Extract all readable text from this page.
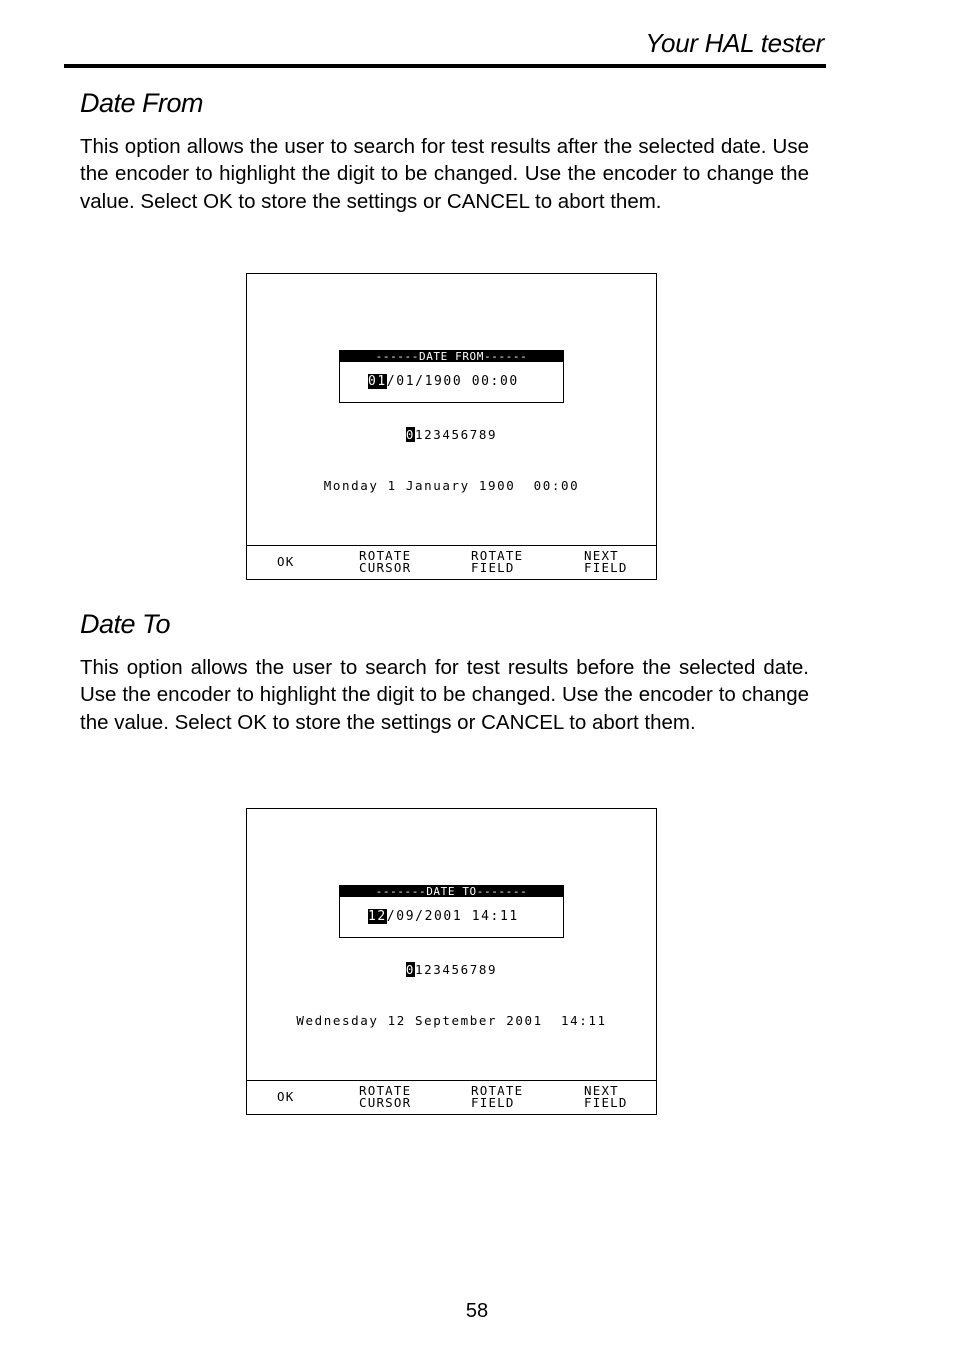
Your HAL tester
Date From

This option allows the user to search for test results after the selected date. Use the encoder to highlight the digit to be changed. Use the encoder to change the value. Select OK to store the settings or CANCEL to abort them.

------DATE FROM------
01/01/1900 00:00
0123456789
Monday 1 January 1900  00:00
OK	ROTATE
CURSOR
ROTATE
FIELD
NEXT
FIELD
Date To

This option allows the user to search for test results before the selected date. Use the encoder to highlight the digit to be changed. Use the encoder to change the value. Select OK to store the settings or CANCEL to abort them.

-------DATE TO-------
12/09/2001 14:11
0123456789
Wednesday 12 September 2001  14:11
OK	ROTATE
CURSOR
ROTATE
FIELD
NEXT
FIELD
58
